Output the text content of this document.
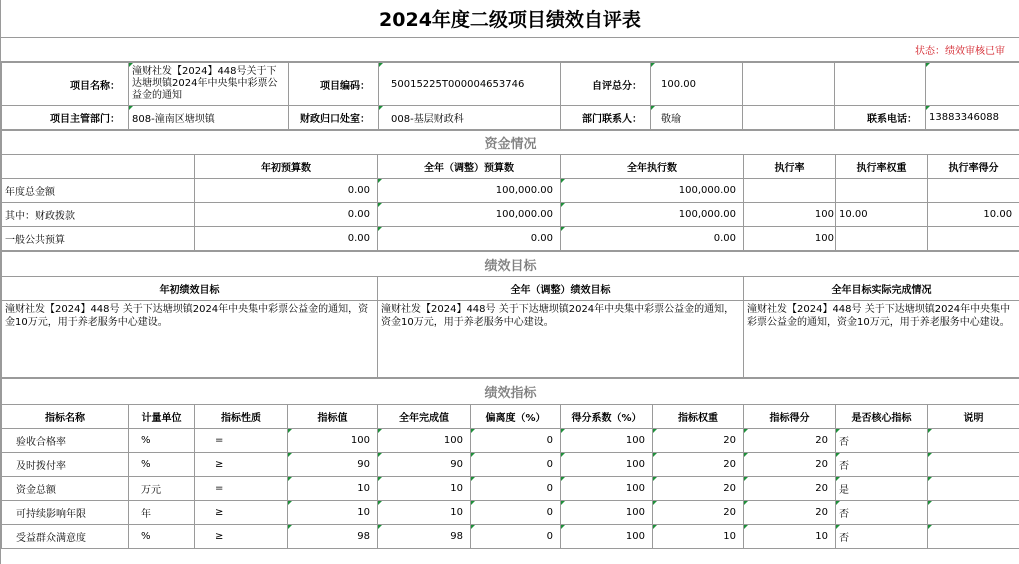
2024年度二级项目绩效自评表
状态：绩效审核已审
项目名称：	潼财社发【2024】448号关于下达塘坝镇2024年中央集中彩票公益金的通知	项目编码：	50015225T000004653746	自评总分：	100.00			
项目主管部门：	808-潼南区塘坝镇	财政归口处室：	008-基层财政科	部门联系人：	敬瑜		联系电话：	13883346088
资金情况						
	年初预算数	全年（调整）预算数	全年执行数	执行率	执行率权重	执行率得分
年度总金额	0.00	100,000.00	100,000.00			
其中：财政拨款	0.00	100,000.00	100,000.00	100	10.00	10.00
一般公共预算	0.00	0.00	0.00	100		
绩效目标		
年初绩效目标	全年（调整）绩效目标	全年目标实际完成情况
潼财社发【2024】448号 关于下达塘坝镇2024年中央集中彩票公益金的通知，资金10万元，用于养老服务中心建设。	潼财社发【2024】448号 关于下达塘坝镇2024年中央集中彩票公益金的通知，资金10万元，用于养老服务中心建设。	潼财社发【2024】448号 关于下达塘坝镇2024年中央集中彩票公益金的通知，资金10万元，用于养老服务中心建设。
绩效指标										
指标名称	计量单位	指标性质	指标值	全年完成值	偏离度（%）	得分系数（%）	指标权重	指标得分	是否核心指标	说明
验收合格率	%	=	100	100	0	100	20	20	否	
及时拨付率	%	≥	90	90	0	100	20	20	否	
资金总额	万元	=	10	10	0	100	20	20	是	
可持续影响年限	年	≥	10	10	0	100	20	20	否	
受益群众满意度	%	≥	98	98	0	100	10	10	否	
